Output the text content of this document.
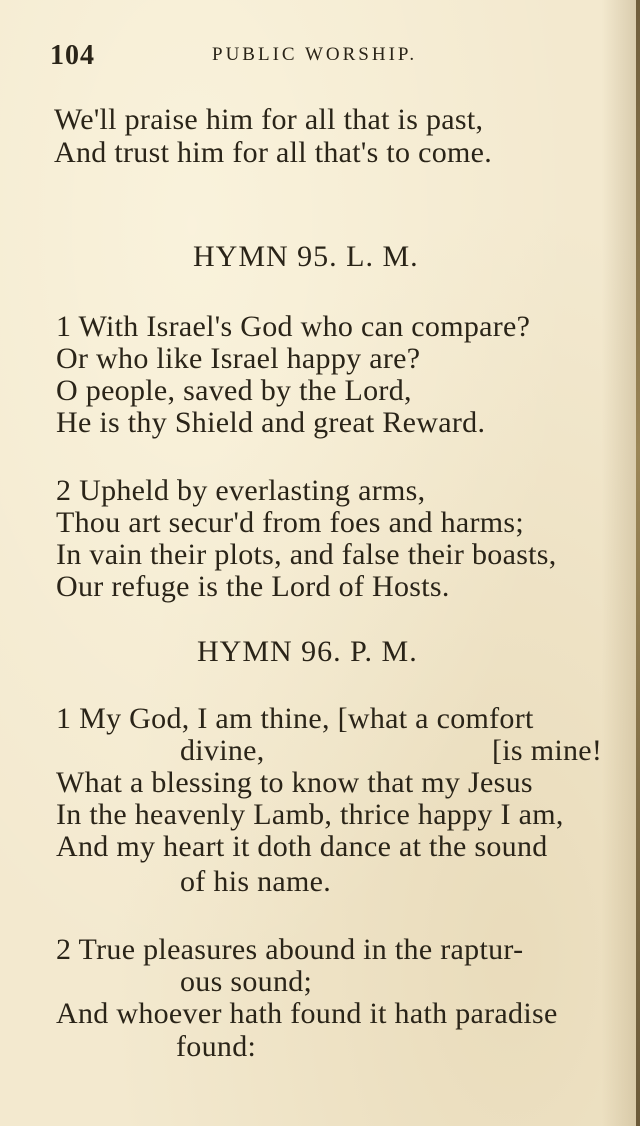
104	PUBLIC WORSHIP.
We'll praise him for all that is past,
And trust him for all that's to come.
HYMN 95. L. M.
1 With Israel's God who can compare?
Or who like Israel happy are?
O people, saved by the Lord,
He is thy Shield and great Reward.
2 Upheld by everlasting arms,
Thou art secur'd from foes and harms;
In vain their plots, and false their boasts,
Our refuge is the Lord of Hosts.
HYMN 96. P. M.
1 My God, I am thine, [what a comfort
divine,	[is mine!
What a blessing to know that my Jesus
In the heavenly Lamb, thrice happy I am,
And my heart it doth dance at the sound
of his name.
2 True pleasures abound in the raptur-
ous sound;
And whoever hath found it hath paradise
found:
